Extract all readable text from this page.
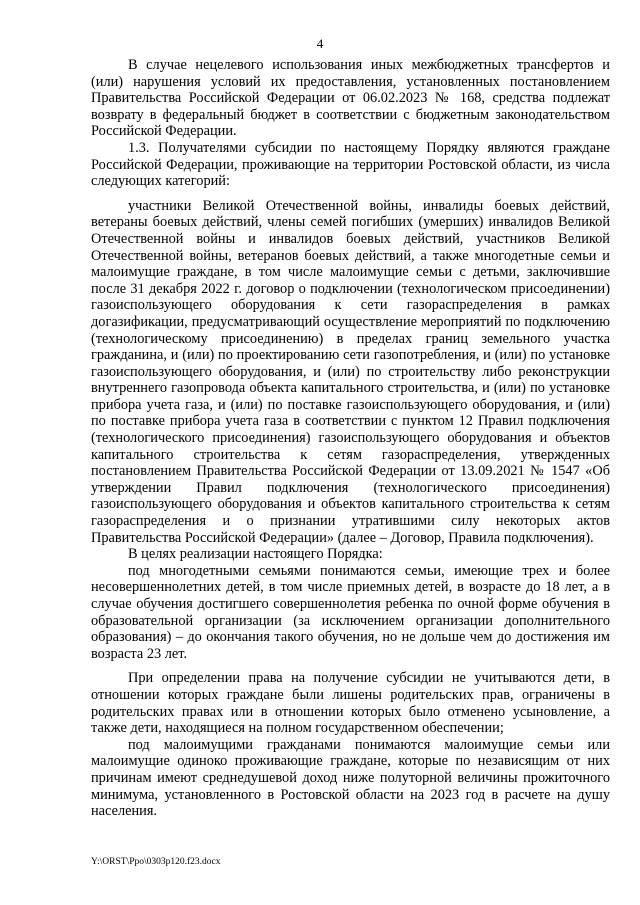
4

В случае нецелевого использования иных межбюджетных трансфертов и (или) нарушения условий их предоставления, установленных постановлением Правительства Российской Федерации от 06.02.2023 № 168, средства подлежат возврату в федеральный бюджет в соответствии с бюджетным законодательством Российской Федерации.

1.3. Получателями субсидии по настоящему Порядку являются граждане Российской Федерации, проживающие на территории Ростовской области, из числа следующих категорий:

участники Великой Отечественной войны, инвалиды боевых действий, ветераны боевых действий, члены семей погибших (умерших) инвалидов Великой Отечественной войны и инвалидов боевых действий, участников Великой Отечественной войны, ветеранов боевых действий, а также многодетные семьи и малоимущие граждане, в том числе малоимущие семьи с детьми, заключившие после 31 декабря 2022 г. договор о подключении (технологическом присоединении) газоиспользующего оборудования к сети газораспределения в рамках догазификации, предусматривающий осуществление мероприятий по подключению (технологическому присоединению) в пределах границ земельного участка гражданина, и (или) по проектированию сети газопотребления, и (или) по установке газоиспользующего оборудования, и (или) по строительству либо реконструкции внутреннего газопровода объекта капитального строительства, и (или) по установке прибора учета газа, и (или) по поставке газоиспользующего оборудования, и (или) по поставке прибора учета газа в соответствии с пунктом 12 Правил подключения (технологического присоединения) газоиспользующего оборудования и объектов капитального строительства к сетям газораспределения, утвержденных постановлением Правительства Российской Федерации от 13.09.2021 № 1547 «Об утверждении Правил подключения (технологического присоединения) газоиспользующего оборудования и объектов капитального строительства к сетям газораспределения и о признании утратившими силу некоторых актов Правительства Российской Федерации» (далее – Договор, Правила подключения).

В целях реализации настоящего Порядка:

под многодетными семьями понимаются семьи, имеющие трех и более несовершеннолетних детей, в том числе приемных детей, в возрасте до 18 лет, а в случае обучения достигшего совершеннолетия ребенка по очной форме обучения в образовательной организации (за исключением организации дополнительного образования) – до окончания такого обучения, но не дольше чем до достижения им возраста 23 лет.

При определении права на получение субсидии не учитываются дети, в отношении которых граждане были лишены родительских прав, ограничены в родительских правах или в отношении которых было отменено усыновление, а также дети, находящиеся на полном государственном обеспечении;

под малоимущими гражданами понимаются малоимущие семьи или малоимущие одиноко проживающие граждане, которые по независящим от них причинам имеют среднедушевой доход ниже полуторной величины прожиточного минимума, установленного в Ростовской области на 2023 год в расчете на душу населения.

Y:\ORST\Ppo\0303p120.f23.docx
